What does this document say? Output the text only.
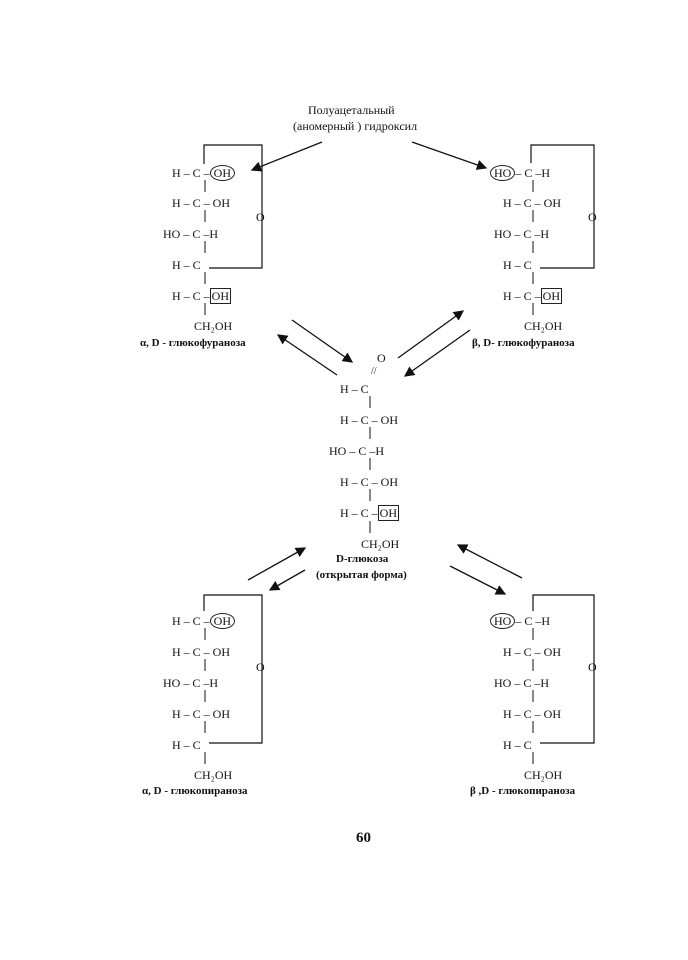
Полуацетальный
(аномерный ) гидроксил
H – C – OH
H – C – OH
HO – C –H
H – C
H – C – OH
O
CH₂OH
α, D - глюкофураноза
HO – C –H
H – C – OH
HO – C –H
H – C
H – C – OH
O
CH₂OH
β, D- глюкофураноза
O
//
H – C
H – C – OH
HO – C –H
H – C – OH
H – C – OH
CH₂OH
D-глюкоза
(открытая форма)
H – C – OH
H – C – OH
HO – C –H
H – C – OH
H – C
O
CH₂OH
α, D - глюкопираноза
HO – C –H
H – C – OH
HO – C –H
H – C – OH
H – C
O
CH₂OH
β ,D - глюкопираноза
60
